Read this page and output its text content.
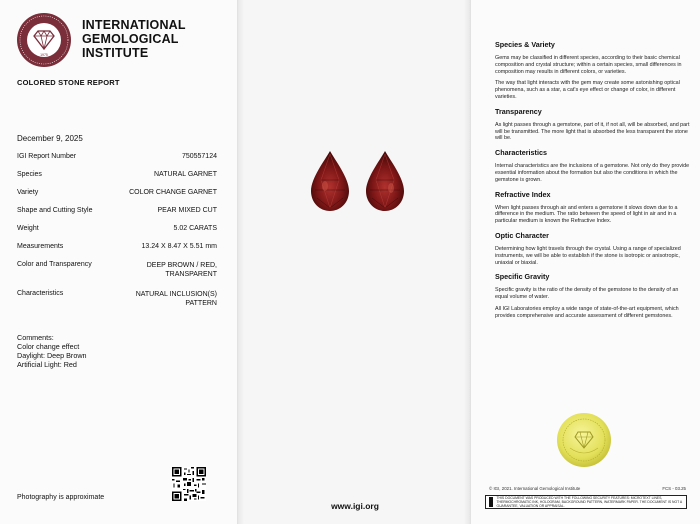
1975
INTERNATIONAL
GEMOLOGICAL
INSTITUTE
COLORED STONE REPORT
December 9, 2025
IGI Report Number	750557124
Species	NATURAL GARNET
Variety	COLOR CHANGE GARNET
Shape and Cutting Style	PEAR MIXED CUT
Weight	5.02 CARATS
Measurements	13.24 X 8.47 X 5.51 mm
Color and Transparency	DEEP BROWN / RED,
TRANSPARENT
Characteristics	NATURAL INCLUSION(S)
PATTERN
Comments:
Color change effect
Daylight: Deep Brown
Artificial Light: Red
Photography is approximate
www.igi.org
Species & Variety

Gems may be classified in different species, according to their basic chemical composition and crystal structure; within a certain species, small differences in composition may results in different colors, or varieties.

The way that light interacts with the gem may create some astonishing optical phenomena, such as a star, a cat's eye effect or change of color, in different varieties.

Transparency

As light passes through a gemstone, part of it, if not all, will be absorbed, and part will be transmitted. The more light that is absorbed the less transparent the stone will be.

Characteristics

Internal characteristics are the inclusions of a gemstone. Not only do they provide essential information about the formation but also the conditions in which the gemstone is grown.

Refractive Index

When light passes through air and enters a gemstone it slows down due to a difference in the medium. The ratio between the speed of light in air and in a particular medium is known the Refractive Index.

Optic Character

Determining how light travels through the crystal. Using a range of specialized instruments, we will be able to establish if the stone is isotropic or anisotropic, uniaxial or biaxial.

Specific Gravity

Specific gravity is the ratio of the density of the gemstone to the density of an equal volume of water.

All IGI Laboratories employ a wide range of state-of-the-art equipment, which provides comprehensive and accurate assessment of different gemstones.

© IGI, 2021. International Gemological Institute	FCS - 03.25
THIS DOCUMENT WAS PRODUCED WITH THE FOLLOWING SECURITY FEATURES: MICROTEXT LINES, THERMOCHROMATIC INK, HOLOGRAM, BACKGROUND PATTERN, WATERMARK PAPER. THE DOCUMENT IS NOT A GUARANTEE, VALUATION OR APPRAISAL.
